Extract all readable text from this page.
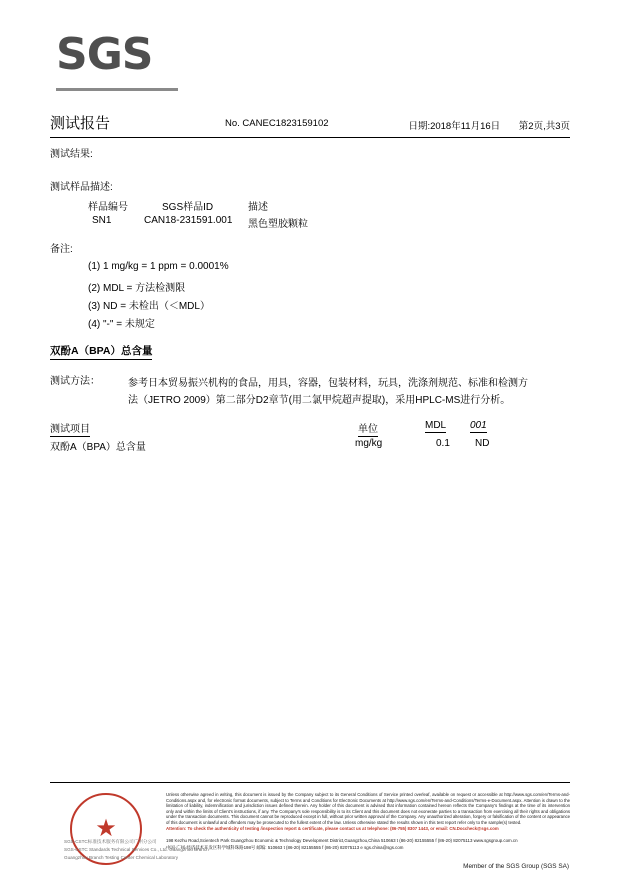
SGS
测试报告	日期:2018年11月16日 第2页,共3页
No. CANEC1823159102
测试结果:
测试样品描述:
样品编号	SGS样品ID	描述
SN1	CAN18-231591.001 黑色塑胶颗粒
备注:
(1) 1 mg/kg = 1 ppm = 0.0001%
(2) MDL = 方法检测限
(3) ND = 未检出（＜MDL）
(4) "-" = 未规定
双酚A（BPA）总含量
测试方法：	参考日本贸易振兴机构的食品，用具，容器，包装材料，玩具，洗涤剂规范、标准和检测方
法（JETRO 2009）第二部分D2章节(用二氯甲烷超声提取)，采用HPLC-MS进行分析。
测试项目	单位	MDL 001
双酚A（BPA）总含量	mg/kg	0.1	ND
★
SGS-CSTC标准技术服务有限公司广州分公司
SGS-CSTC Standards Technical Services Co., Ltd. Guangzhou Branch
Guangzhou Branch Testing Center Chemical Laboratory
Unless otherwise agreed in writing, this document is issued by the Company subject to its General Conditions of Service printed overleaf, available on request or accessible at http://www.sgs.com/en/Terms-and-Conditions.aspx and, for electronic format documents, subject to Terms and Conditions for Electronic Documents at http://www.sgs.com/en/Terms-and-Conditions/Terms-e-Document.aspx. Attention is drawn to the limitation of liability, indemnification and jurisdiction issues defined therein. Any holder of this document is advised that information contained hereon reflects the Company's findings at the time of its intervention only and within the limits of Client's instructions, if any. The Company's sole responsibility is to its Client and this document does not exonerate parties to a transaction from exercising all their rights and obligations under the transaction documents. This document cannot be reproduced except in full, without prior written approval of the Company. Any unauthorized alteration, forgery or falsification of the content or appearance of this document is unlawful and offenders may be prosecuted to the fullest extent of the law. Unless otherwise stated the results shown in this test report refer only to the sample(s) tested.
Attention: To check the authenticity of testing /inspection report & certificate, please contact us at telephone: (86-755) 8307 1443, or email: CN.Doccheck@sgs.com
198 Kezhu Road,Scientech Park Guangzhou Economic & Technology Development District,Guangzhou,China 510663 t (86-20) 82155555 f (86-20) 82075113 www.sgsgroup.com.cn
中国·广州·经济技术开发区科学城科珠路198号 邮编: 510663 t (86-20) 82155555 f (86-20) 82075113 e sgs.china@sgs.com
Member of the SGS Group (SGS SA)
